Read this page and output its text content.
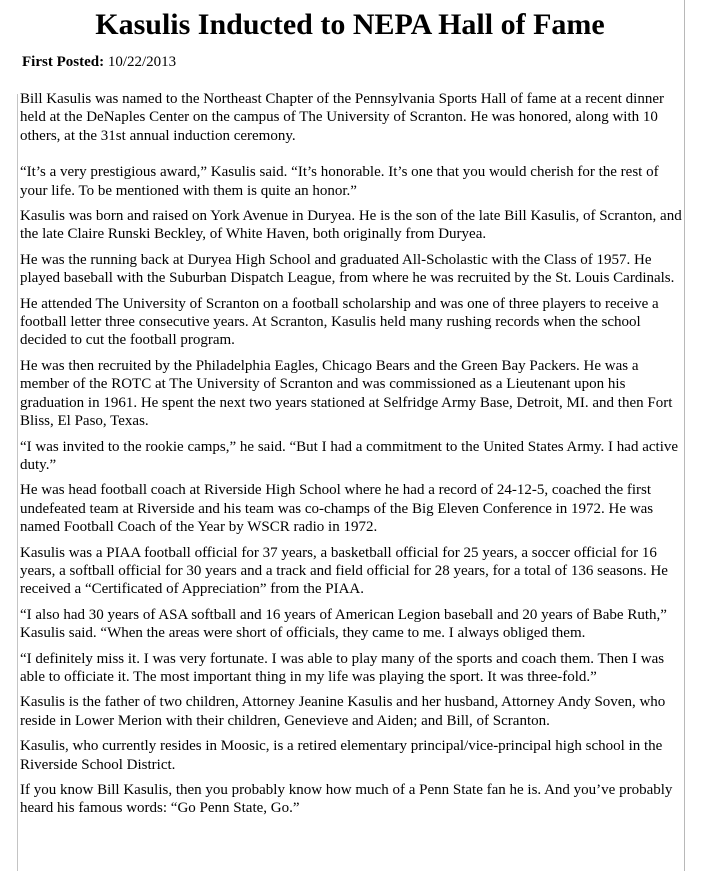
Kasulis Inducted to NEPA Hall of Fame
First Posted: 10/22/2013

Bill Kasulis was named to the Northeast Chapter of the Pennsylvania Sports Hall of fame at a recent dinner held at the DeNaples Center on the campus of The University of Scranton. He was honored, along with 10 others, at the 31st annual induction ceremony.

“It’s a very prestigious award,” Kasulis said. “It’s honorable. It’s one that you would cherish for the rest of your life. To be mentioned with them is quite an honor.”

Kasulis was born and raised on York Avenue in Duryea. He is the son of the late Bill Kasulis, of Scranton, and the late Claire Runski Beckley, of White Haven, both originally from Duryea.

He was the running back at Duryea High School and graduated All-Scholastic with the Class of 1957. He played baseball with the Suburban Dispatch League, from where he was recruited by the St. Louis Cardinals.

He attended The University of Scranton on a football scholarship and was one of three players to receive a football letter three consecutive years. At Scranton, Kasulis held many rushing records when the school decided to cut the football program.

He was then recruited by the Philadelphia Eagles, Chicago Bears and the Green Bay Packers. He was a member of the ROTC at The University of Scranton and was commissioned as a Lieutenant upon his graduation in 1961. He spent the next two years stationed at Selfridge Army Base, Detroit, MI. and then Fort Bliss, El Paso, Texas.

“I was invited to the rookie camps,” he said. “But I had a commitment to the United States Army. I had active duty.”

He was head football coach at Riverside High School where he had a record of 24-12-5, coached the first undefeated team at Riverside and his team was co-champs of the Big Eleven Conference in 1972. He was named Football Coach of the Year by WSCR radio in 1972.

Kasulis was a PIAA football official for 37 years, a basketball official for 25 years, a soccer official for 16 years, a softball official for 30 years and a track and field official for 28 years, for a total of 136 seasons. He received a “Certificated of Appreciation” from the PIAA.

“I also had 30 years of ASA softball and 16 years of American Legion baseball and 20 years of Babe Ruth,” Kasulis said. “When the areas were short of officials, they came to me. I always obliged them.

“I definitely miss it. I was very fortunate. I was able to play many of the sports and coach them. Then I was able to officiate it. The most important thing in my life was playing the sport. It was three-fold.”

Kasulis is the father of two children, Attorney Jeanine Kasulis and her husband, Attorney Andy Soven, who reside in Lower Merion with their children, Genevieve and Aiden; and Bill, of Scranton.

Kasulis, who currently resides in Moosic, is a retired elementary principal/vice-principal high school in the Riverside School District.

If you know Bill Kasulis, then you probably know how much of a Penn State fan he is. And you’ve probably heard his famous words: “Go Penn State, Go.”
